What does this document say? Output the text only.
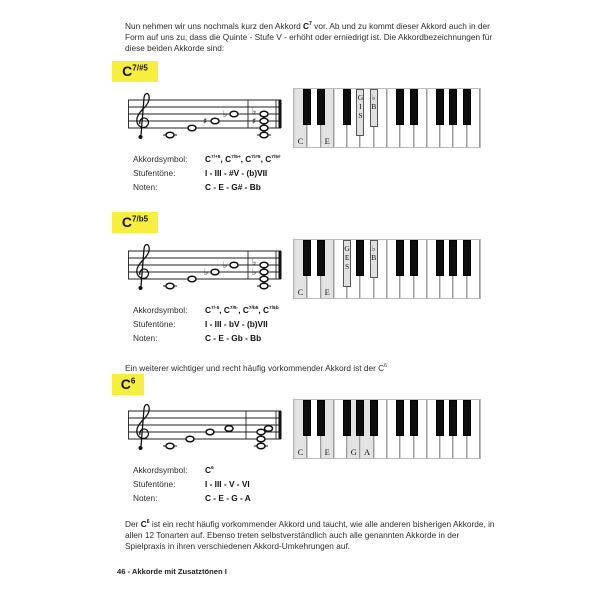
Nun nehmen wir uns nochmals kurz den Akkord $C^7$ vor. Ab und zu kommt dieser Akkord auch in der Form auf uns zu, dass die Quinte - Stufe V - erhöht oder erniedrigt ist. Die Akkordbezeichnungen für diese beiden Akkorde sind:

$C^{7/\#5}$
♯
♭
♯
♭
C	E
G
I
S
♭
B
Akkordsymbol:	$C^{7/+5}$, $C^{7/5+}$, $C^{7/\#5}$, $C^{7/5\#}$
Stufentöne:	I - III - #V - (b)VII
Noten:	C - E - G# - Bb
$C^{7/b5}$
♭
♭
♭
♭
C	E
G
E
S
♭
B
Akkordsymbol:	$C^{7/-5}$, $C^{7/5-}$, $C^{7/b5}$, $C^{7/5b}$
Stufentöne:	I - III - bV - (b)VII
Noten:	C - E - Gb - Bb

Ein weiterer wichtiger und recht häufig vorkommender Akkord ist der $C^6$

$C^6$
C	E	G A
Akkordsymbol:	$C^6$
Stufentöne:	I - III - V - VI
Noten:	C - E - G - A

Der $C^6$ ist ein recht häufig vorkommender Akkord und taucht, wie alle anderen bisherigen Akkorde, in allen 12 Tonarten auf. Ebenso treten selbstverständlich auch alle genannten Akkorde in der Spielpraxis in ihren verschiedenen Akkord-Umkehrungen auf.

46 - Akkorde mit Zusatztönen I
